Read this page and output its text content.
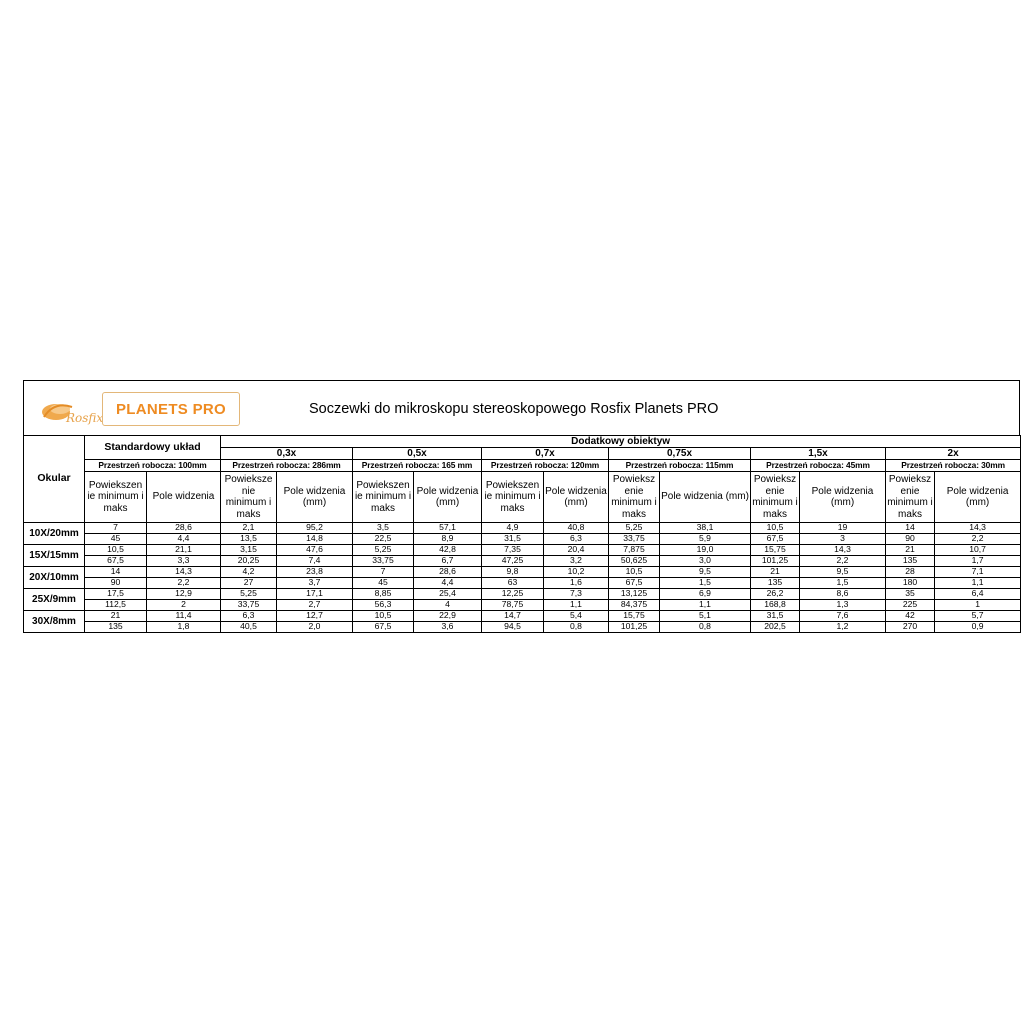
Rosfix
PLANETS PRO	Soczewki do mikroskopu stereoskopowego Rosfix Planets PRO
Okular	Standardowy układ		Dodatkowy obiektyw											
			0,3x		0,5x		0,7x		0,75x		1,5x		2x	
	Przestrzeń robocza: 100mm		Przestrzeń robocza: 286mm		Przestrzeń robocza: 165 mm		Przestrzeń robocza: 120mm		Przestrzeń robocza: 115mm		Przestrzeń robocza: 45mm		Przestrzeń robocza: 30mm	
	Powiekszen ie minimum i maks	Pole widzenia	Powieksze nie minimum i maks	Pole widzenia (mm)	Powiekszen ie minimum i maks	Pole widzenia (mm)	Powiekszen ie minimum i maks	Pole widzenia (mm)	Powieksz enie minimum i maks	Pole widzenia (mm)	Powieksz enie minimum i maks	Pole widzenia (mm)	Powieksz enie minimum i maks	Pole widzenia (mm)
10X/20mm	7	28,6	2,1	95,2	3,5	57,1	4,9	40,8	5,25	38,1	10,5	19	14	14,3
	45	4,4	13,5	14,8	22,5	8,9	31,5	6,3	33,75	5,9	67,5	3	90	2,2
15X/15mm	10,5	21,1	3,15	47,6	5,25	42,8	7,35	20,4	7,875	19,0	15,75	14,3	21	10,7
	67,5	3,3	20,25	7,4	33,75	6,7	47,25	3,2	50,625	3,0	101,25	2,2	135	1,7
20X/10mm	14	14,3	4,2	23,8	7	28,6	9,8	10,2	10,5	9,5	21	9,5	28	7,1
	90	2,2	27	3,7	45	4,4	63	1,6	67,5	1,5	135	1,5	180	1,1
25X/9mm	17,5	12,9	5,25	17,1	8,85	25,4	12,25	7,3	13,125	6,9	26,2	8,6	35	6,4
	112,5	2	33,75	2,7	56,3	4	78,75	1,1	84,375	1,1	168,8	1,3	225	1
30X/8mm	21	11,4	6,3	12,7	10,5	22,9	14,7	5,4	15,75	5,1	31,5	7,6	42	5,7
	135	1,8	40,5	2,0	67,5	3,6	94,5	0,8	101,25	0,8	202,5	1,2	270	0,9
